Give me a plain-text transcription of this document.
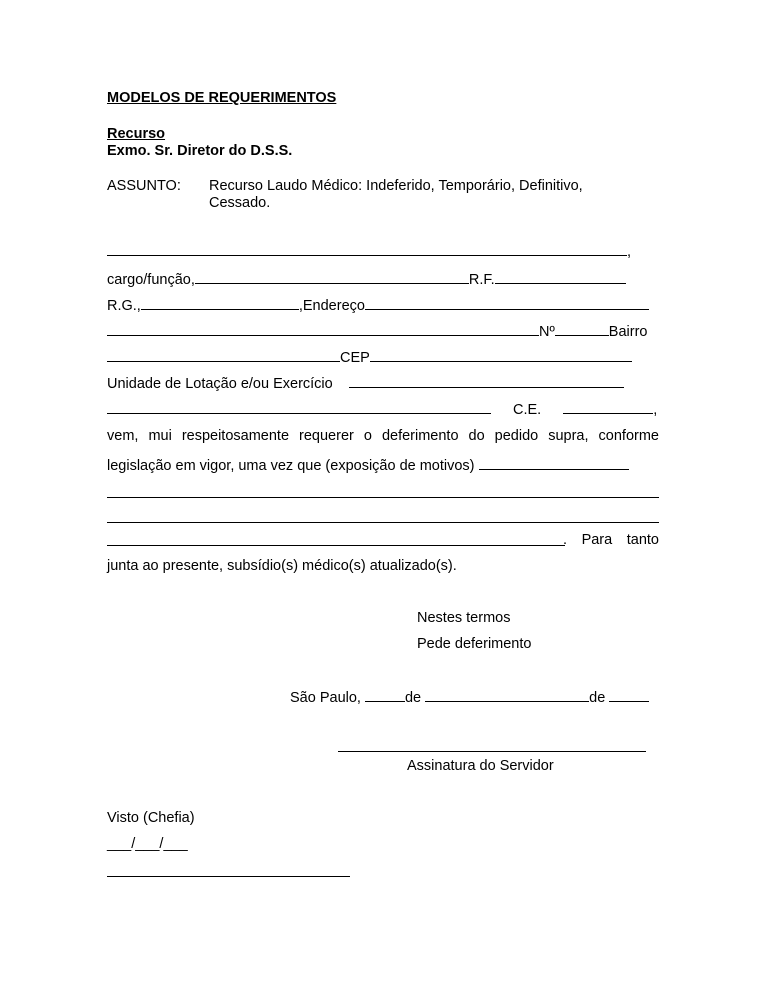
MODELOS DE REQUERIMENTOS
Recurso
Exmo. Sr. Diretor do D.S.S.
ASSUNTO: Recurso Laudo Médico: Indeferido, Temporário, Definitivo,
Cessado.
,
cargo/função,	R.F.
R.G.,	,Endereço
Nº	Bairro
CEP
Unidade de Lotação e/ou Exercício
C.E.	,
vem, mui respeitosamente requerer o deferimento do pedido supra, conforme
legislação em vigor, uma vez que (exposição de motivos)
. Para tanto
junta ao presente, subsídio(s) médico(s) atualizado(s).
Nestes termos
Pede deferimento
São Paulo,	de	de
Assinatura do Servidor
Visto (Chefia)
___/___/___
